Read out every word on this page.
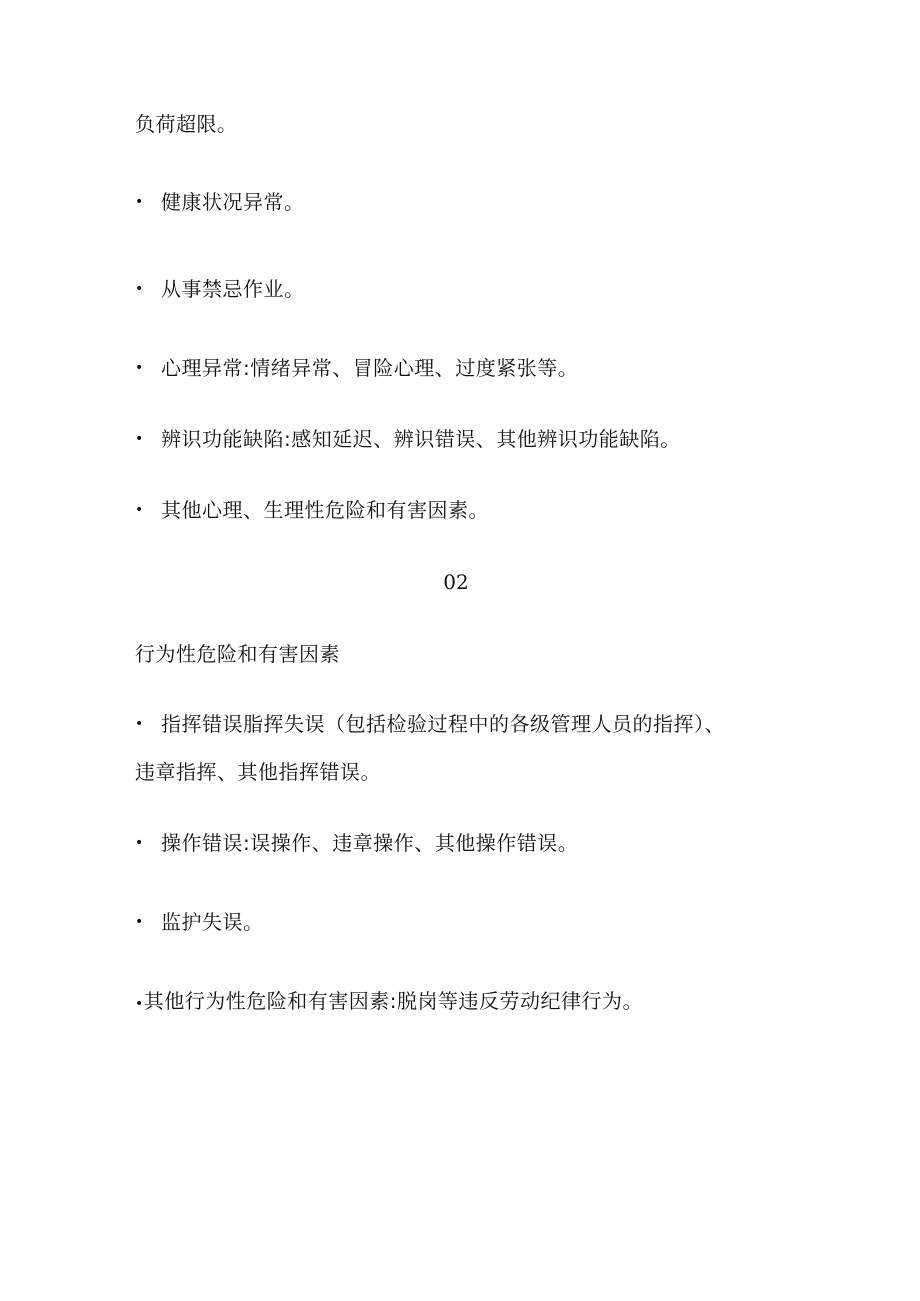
负荷超限。
• 健康状况异常。
• 从事禁忌作业。
• 心理异常:情绪异常、冒险心理、过度紧张等。
• 辨识功能缺陷:感知延迟、辨识错误、其他辨识功能缺陷。
• 其他心理、生理性危险和有害因素。
02
行为性危险和有害因素
• 指挥错误脂挥失误（包括检验过程中的各级管理人员的指挥）、
违章指挥、其他指挥错误。
• 操作错误:误操作、违章操作、其他操作错误。
• 监护失误。
•其他行为性危险和有害因素:脱岗等违反劳动纪律行为。
